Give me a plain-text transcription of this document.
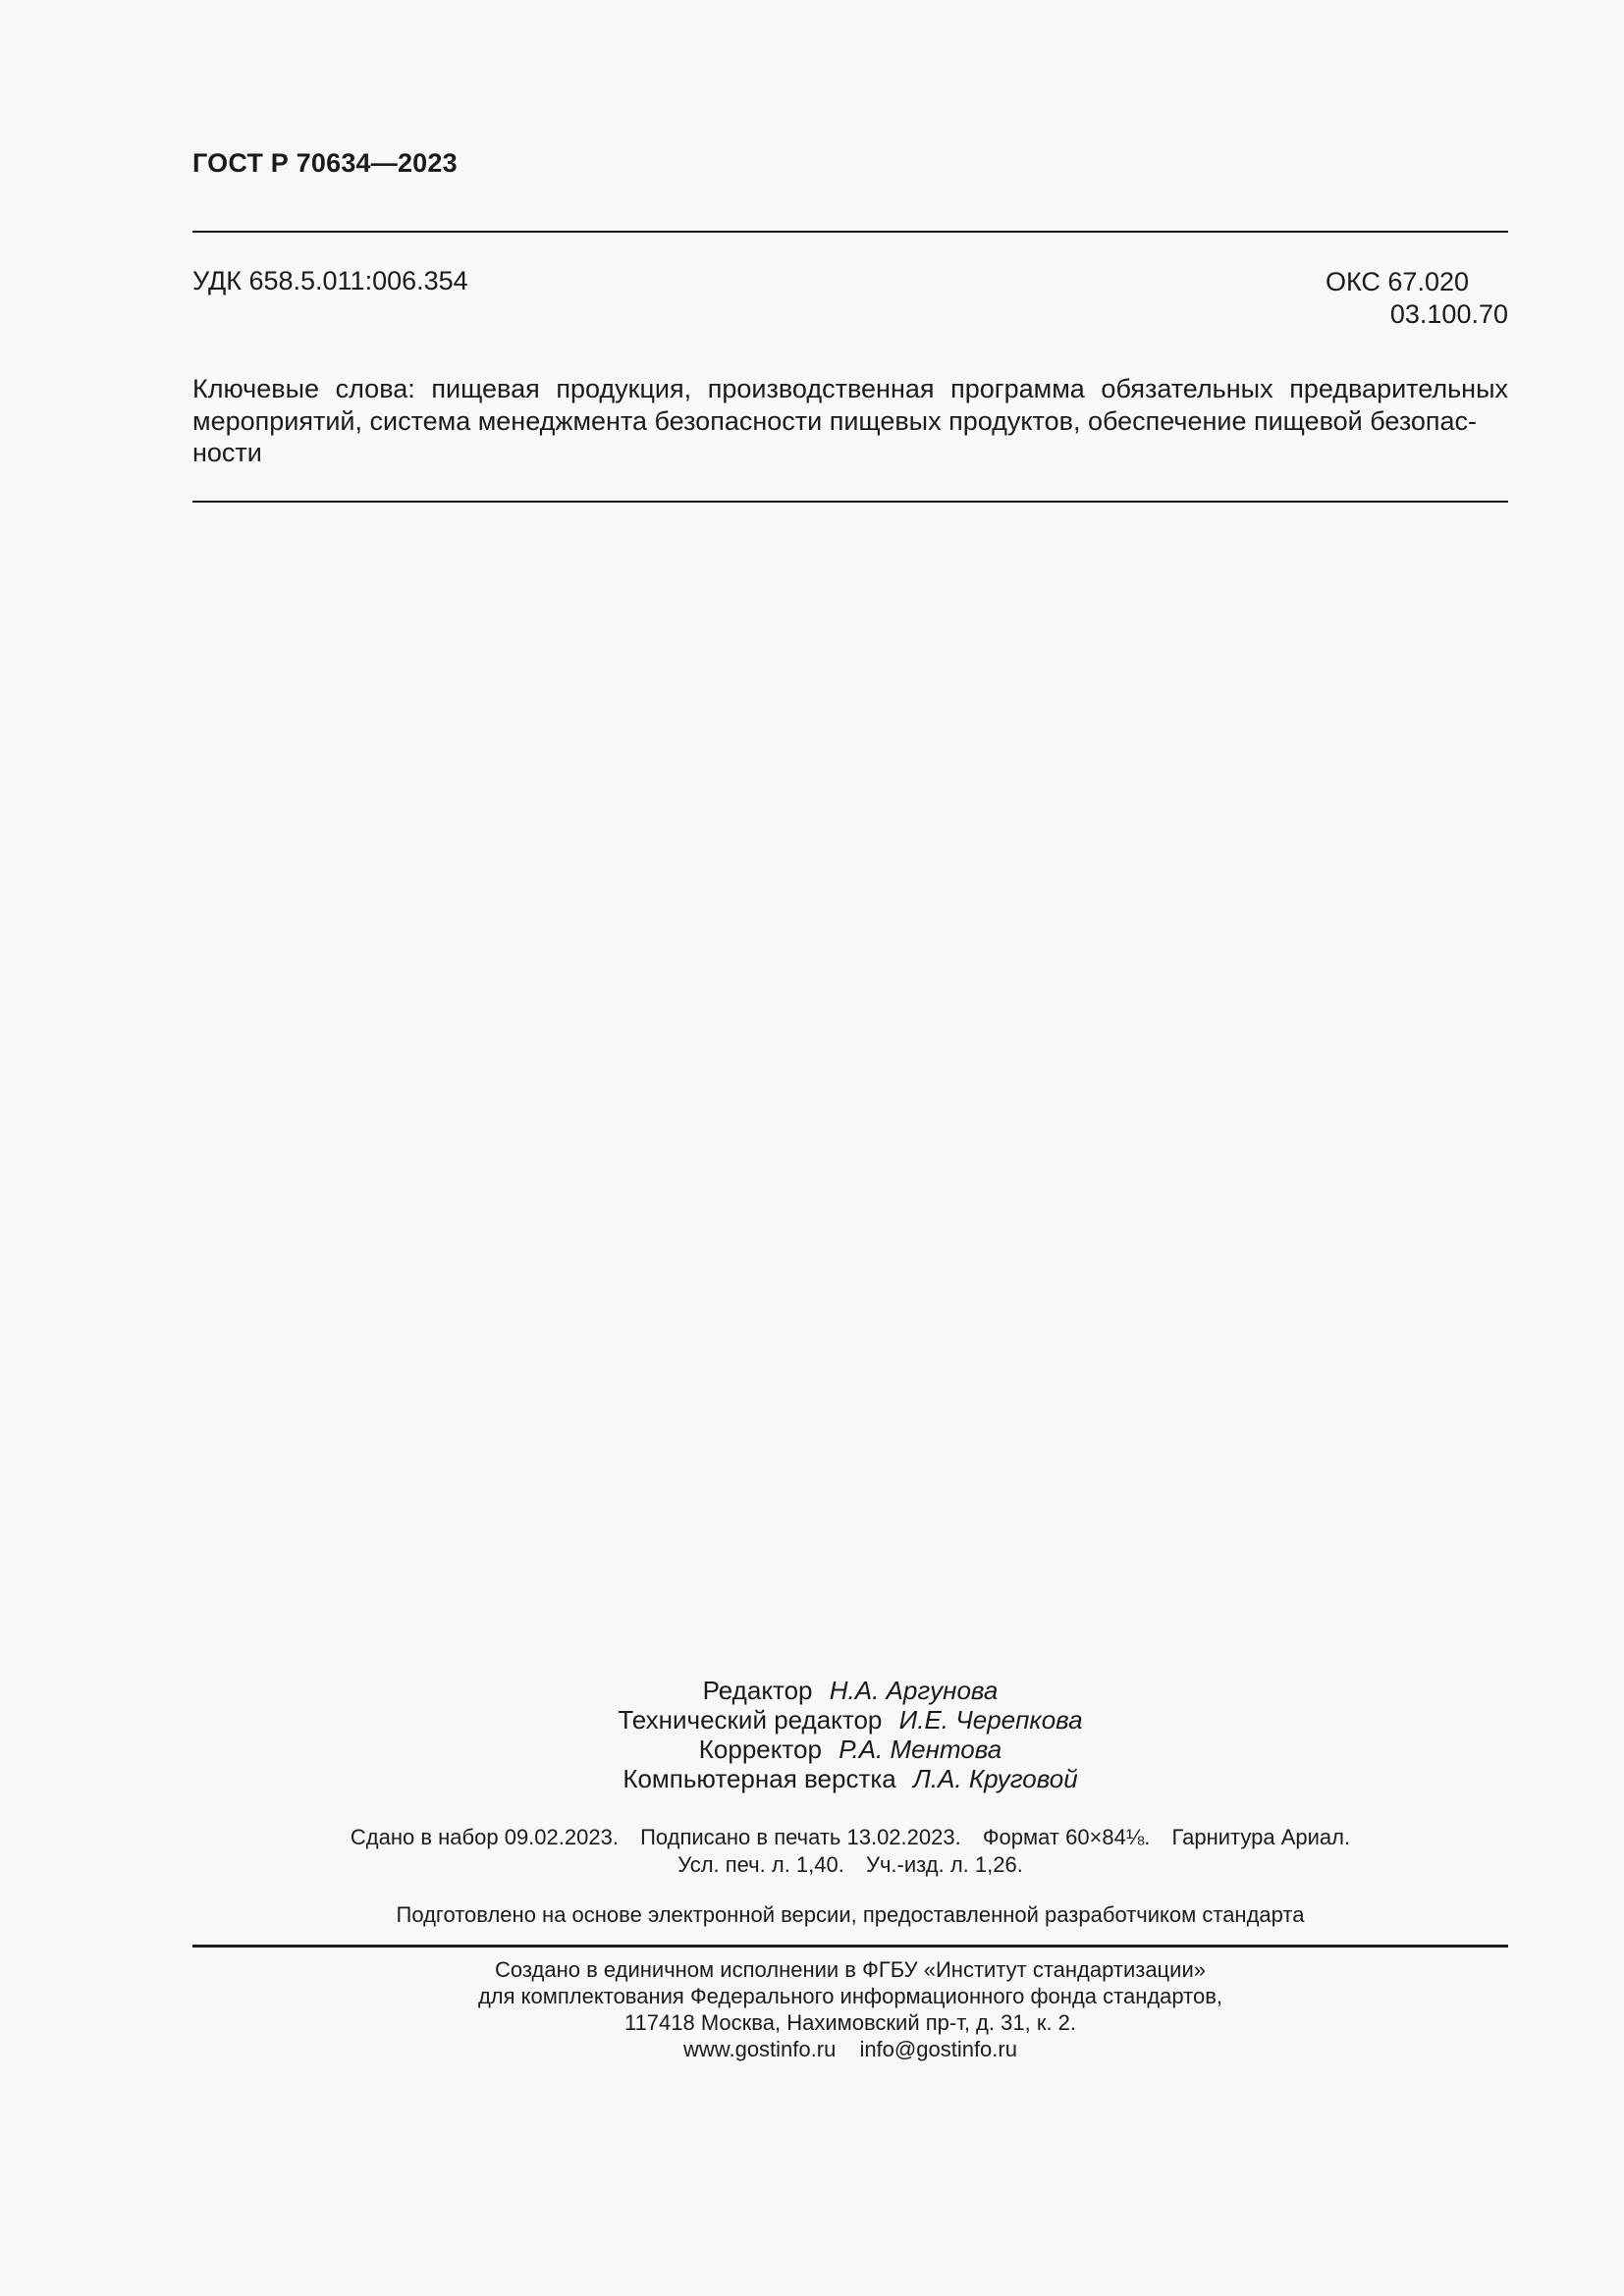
ГОСТ Р 70634—2023
УДК 658.5.011:006.354	ОКС 67.020
03.100.70
Ключевые слова: пищевая продукция, производственная программа обязательных предварительных мероприятий, система менеджмента безопасности пищевых продуктов, обеспечение пищевой безопас-
ности
Редактор Н.А. Аргунова
Технический редактор И.Е. Черепкова
Корректор Р.А. Ментова
Компьютерная верстка Л.А. Круговой
Сдано в набор 09.02.2023. Подписано в печать 13.02.2023. Формат 60×84⅛. Гарнитура Ариал.
Усл. печ. л. 1,40. Уч.-изд. л. 1,26.
Подготовлено на основе электронной версии, предоставленной разработчиком стандарта
Создано в единичном исполнении в ФГБУ «Институт стандартизации»
для комплектования Федерального информационного фонда стандартов,
117418 Москва, Нахимовский пр-т, д. 31, к. 2.
www.gostinfo.ru info@gostinfo.ru
